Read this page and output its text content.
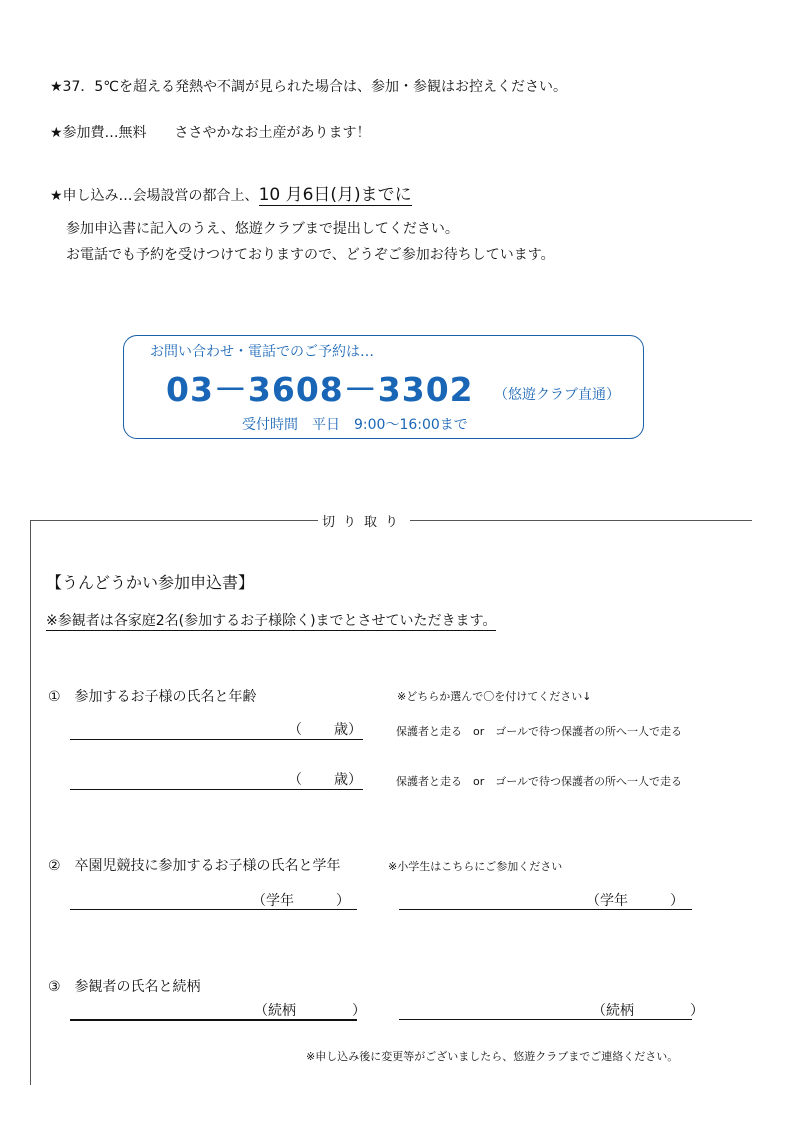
★37．5℃を超える発熱や不調が見られた場合は、参加・参観はお控えください。
★参加費…無料　　ささやかなお土産があります！
★申し込み…会場設営の都合上、10 月6日(月)までに
参加申込書に記入のうえ、悠遊クラブまで提出してください。
お電話でも予約を受けつけておりますので、どうぞご参加お待ちしています。
お問い合わせ・電話でのご予約は…
03－3608－3302 （悠遊クラブ直通）
受付時間　平日　9:00～16:00まで
切り取り
【うんどうかい参加申込書】
※参観者は各家庭2名(参加するお子様除く)までとさせていただきます。
①　参加するお子様の氏名と年齢	※どちらか選んで〇を付けてください↓
（ 歳）	保護者と走る　or　ゴールで待つ保護者の所へ一人で走る
（ 歳）	保護者と走る　or　ゴールで待つ保護者の所へ一人で走る
②　卒園児競技に参加するお子様の氏名と学年	※小学生はこちらにご参加ください
（学年　　　）	（学年　　　）
③　参観者の氏名と続柄
（続柄　　　　）	（続柄　　　　）
※申し込み後に変更等がございましたら、悠遊クラブまでご連絡ください。
